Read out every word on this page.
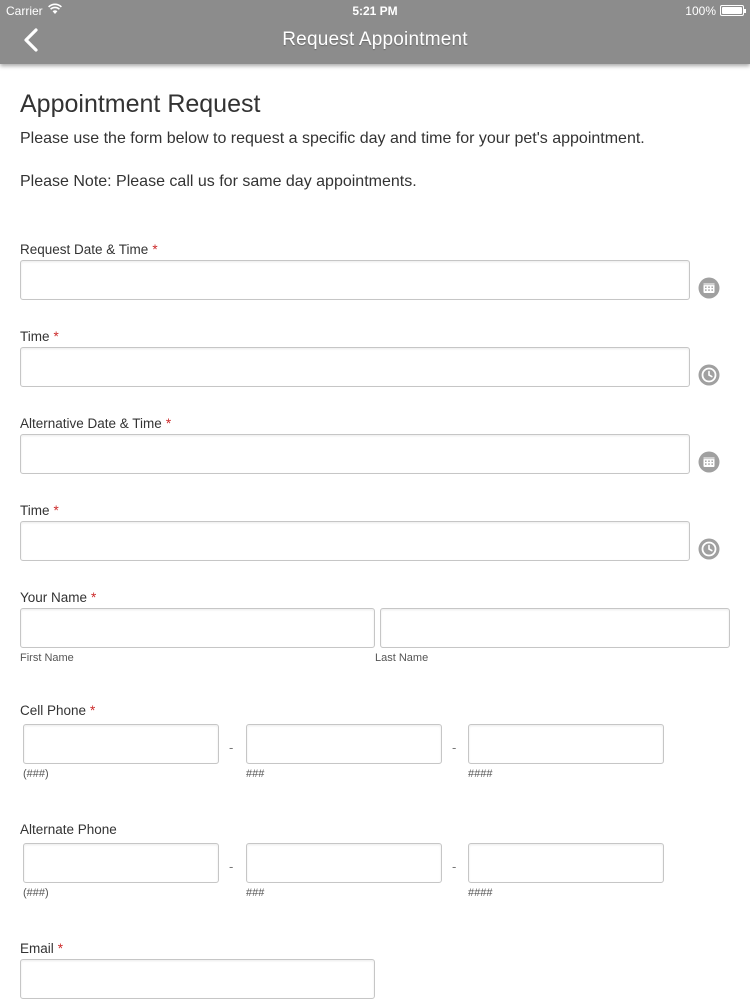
Carrier	5:21 PM	100%
Request Appointment
Appointment Request
Please use the form below to request a specific day and time for your pet's appointment.
Please Note: Please call us for same day appointments.
Request Date & Time *
Time *
Alternative Date & Time *
Time *
Your Name *
First Name	Last Name
Cell Phone *
-	-
(###)	###	####
Alternate Phone
-	-
(###)	###	####
Email *
